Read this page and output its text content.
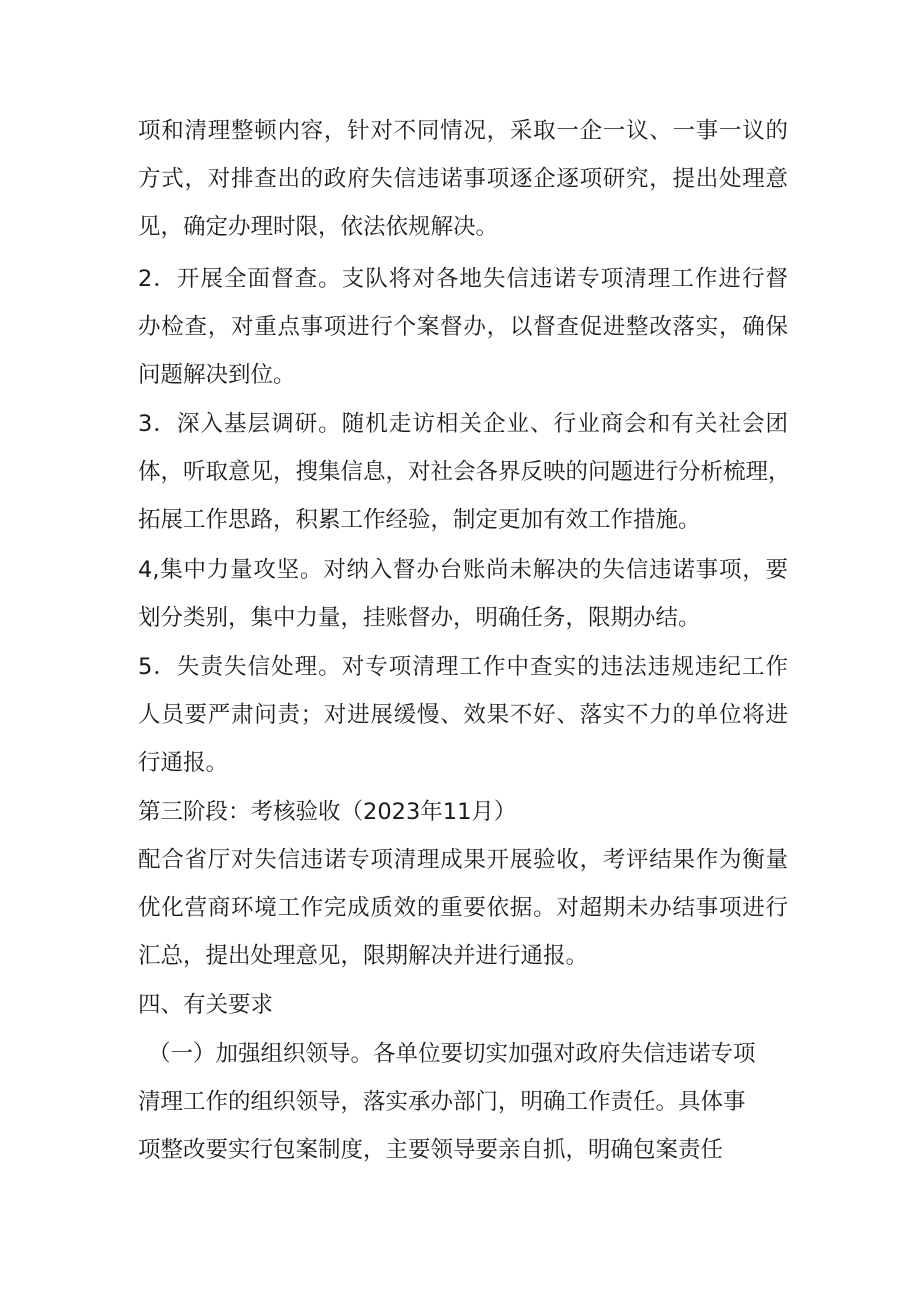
项和清理整顿内容，针对不同情况，采取一企一议、一事一议的
方式，对排查出的政府失信违诺事项逐企逐项研究，提出处理意
见，确定办理时限，依法依规解决。
2．开展全面督查。支队将对各地失信违诺专项清理工作进行督
办检查，对重点事项进行个案督办，以督查促进整改落实，确保
问题解决到位。
3．深入基层调研。随机走访相关企业、行业商会和有关社会团
体，听取意见，搜集信息，对社会各界反映的问题进行分析梳理，
拓展工作思路，积累工作经验，制定更加有效工作措施。
4,集中力量攻坚。对纳入督办台账尚未解决的失信违诺事项，要
划分类别，集中力量，挂账督办，明确任务，限期办结。
5．失责失信处理。对专项清理工作中查实的违法违规违纪工作
人员要严肃问责；对进展缓慢、效果不好、落实不力的单位将进
行通报。
第三阶段：考核验收（2023年11月）
配合省厅对失信违诺专项清理成果开展验收，考评结果作为衡量
优化营商环境工作完成质效的重要依据。对超期未办结事项进行
汇总，提出处理意见，限期解决并进行通报。
四、有关要求
（一）加强组织领导。各单位要切实加强对政府失信违诺专项
清理工作的组织领导，落实承办部门，明确工作责任。具体事
项整改要实行包案制度，主要领导要亲自抓，明确包案责任
